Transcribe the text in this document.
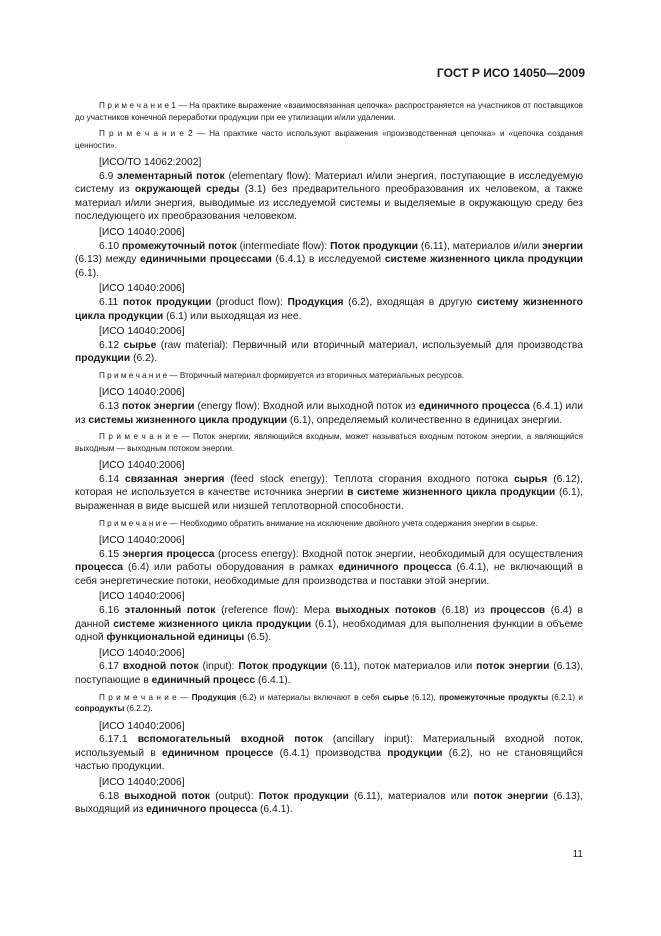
ГОСТ Р ИСО 14050—2009

П р и м е ч а н и е 1 — На практике выражение «взаимосвязанная цепочка» распространяется на участников от поставщиков до участников конечной переработки продукции при ее утилизации и/или удалении.

П р и м е ч а н и е 2 — На практике часто используют выражения «производственная цепочка» и «цепочка создания ценности».

[ИСО/ТО 14062:2002]

6.9 элементарный поток (elementary flow): Материал и/или энергия, поступающие в исследуемую систему из окружающей среды (3.1) без предварительного преобразования их человеком, а также материал и/или энергия, выводимые из исследуемой системы и выделяемые в окружающую среду без последующего их преобразования человеком.

[ИСО 14040:2006]

6.10 промежуточный поток (intermediate flow): Поток продукции (6.11), материалов и/или энергии (6.13) между единичными процессами (6.4.1) в исследуемой системе жизненного цикла продукции (6.1).

[ИСО 14040:2006]

6.11 поток продукции (product flow): Продукция (6.2), входящая в другую систему жизненного цикла продукции (6.1) или выходящая из нее.

[ИСО 14040:2006]

6.12 сырье (raw material): Первичный или вторичный материал, используемый для производства продукции (6.2).

П р и м е ч а н и е — Вторичный материал формируется из вторичных материальных ресурсов.

[ИСО 14040:2006]

6.13 поток энергии (energy flow): Входной или выходной поток из единичного процесса (6.4.1) или из системы жизненного цикла продукции (6.1), определяемый количественно в единицах энергии.

П р и м е ч а н и е — Поток энергии, являющийся входным, может называться входным потоком энергии, а являющийся выходным — выходным потоком энергии.

[ИСО 14040:2006]

6.14 связанная энергия (feed stock energy): Теплота сгорания входного потока сырья (6.12), которая не используется в качестве источника энергии в системе жизненного цикла продукции (6.1), выраженная в виде высшей или низшей теплотворной способности.

П р и м е ч а н и е — Необходимо обратить внимание на исключение двойного учета содержания энергии в сырье.

[ИСО 14040:2006]

6.15 энергия процесса (process energy): Входной поток энергии, необходимый для осуществления процесса (6.4) или работы оборудования в рамках единичного процесса (6.4.1), не включающий в себя энергетические потоки, необходимые для производства и поставки этой энергии.

[ИСО 14040:2006]

6.16 эталонный поток (reference flow): Мера выходных потоков (6.18) из процессов (6.4) в данной системе жизненного цикла продукции (6.1), необходимая для выполнения функции в объеме одной функциональной единицы (6.5).

[ИСО 14040:2006]

6.17 входной поток (input): Поток продукции (6.11), поток материалов или поток энергии (6.13), поступающие в единичный процесс (6.4.1).

П р и м е ч а н и е — Продукция (6.2) и материалы включают в себя сырье (6.12), промежуточные продукты (6.2.1) и сопродукты (6.2.2).

[ИСО 14040:2006]

6.17.1 вспомогательный входной поток (ancillary input): Материальный входной поток, используемый в единичном процессе (6.4.1) производства продукции (6.2), но не становящийся частью продукции.

[ИСО 14040:2006]

6.18 выходной поток (output): Поток продукции (6.11), материалов или поток энергии (6.13), выходящий из единичного процесса (6.4.1).

11
